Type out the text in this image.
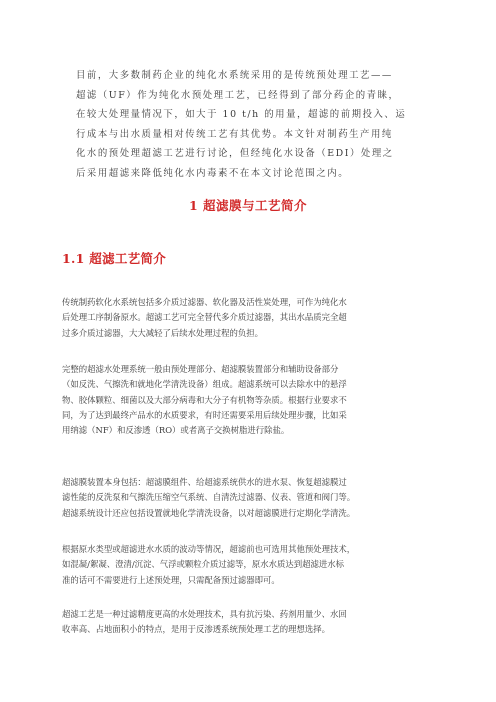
目前，大多数制药企业的纯化水系统采用的是传统预处理工艺——
超滤（UF）作为纯化水预处理工艺，已经得到了部分药企的青睐，
在较大处理量情况下，如大于 10 t/h 的用量，超滤的前期投入、运
行成本与出水质量相对传统工艺有其优势。本文针对制药生产用纯
化水的预处理超滤工艺进行讨论，但经纯化水设备（EDI）处理之
后采用超滤来降低纯化水内毒素不在本文讨论范围之内。
1 超滤膜与工艺简介
1.1 超滤工艺简介
传统制药软化水系统包括多介质过滤器、软化器及活性炭处理，可作为纯化水
后处理工序制备原水。超滤工艺可完全替代多介质过滤器，其出水品质完全超
过多介质过滤器，大大减轻了后续水处理过程的负担。
完整的超滤水处理系统一般由预处理部分、超滤膜装置部分和辅助设备部分
（如反洗、气擦洗和就地化学清洗设备）组成。超滤系统可以去除水中的悬浮
物、胶体颗粒、细菌以及大部分病毒和大分子有机物等杂质。根据行业要求不
同，为了达到最终产品水的水质要求，有时还需要采用后续处理步骤，比如采
用纳滤（NF）和反渗透（RO）或者离子交换树脂进行除盐。
超滤膜装置本身包括：超滤膜组件、给超滤系统供水的进水泵、恢复超滤膜过
滤性能的反洗泵和气擦洗压缩空气系统、自清洗过滤器、仪表、管道和阀门等。
超滤系统设计还应包括设置就地化学清洗设备，以对超滤膜进行定期化学清洗。
根据原水类型或超滤进水水质的波动等情况，超滤前也可选用其他预处理技术，
如混凝/絮凝、澄清/沉淀、气浮或颗粒介质过滤等，原水水质达到超滤进水标
准的话可不需要进行上述预处理，只需配备预过滤器即可。
超滤工艺是一种过滤精度更高的水处理技术，具有抗污染、药剂用量少、水回
收率高、占地面积小的特点，是用于反渗透系统预处理工艺的理想选择。
